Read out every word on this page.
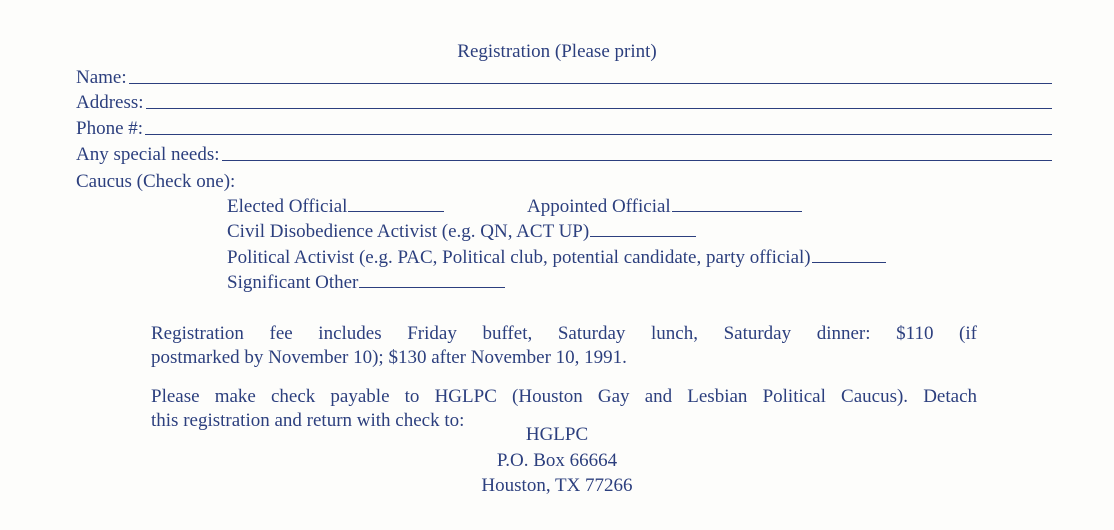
Registration (Please print)
Name:
Address:
Phone #:
Any special needs:
Caucus (Check one):
Elected Official	Appointed Official
Civil Disobedience Activist (e.g. QN, ACT UP)
Political Activist (e.g. PAC, Political club, potential candidate, party official)
Significant Other
Registration fee includes Friday buffet, Saturday lunch, Saturday dinner: $110 (if
postmarked by November 10); $130 after November 10, 1991.
Please make check payable to HGLPC (Houston Gay and Lesbian Political Caucus). Detach
this registration and return with check to:
HGLPC
P.O. Box 66664
Houston, TX 77266
